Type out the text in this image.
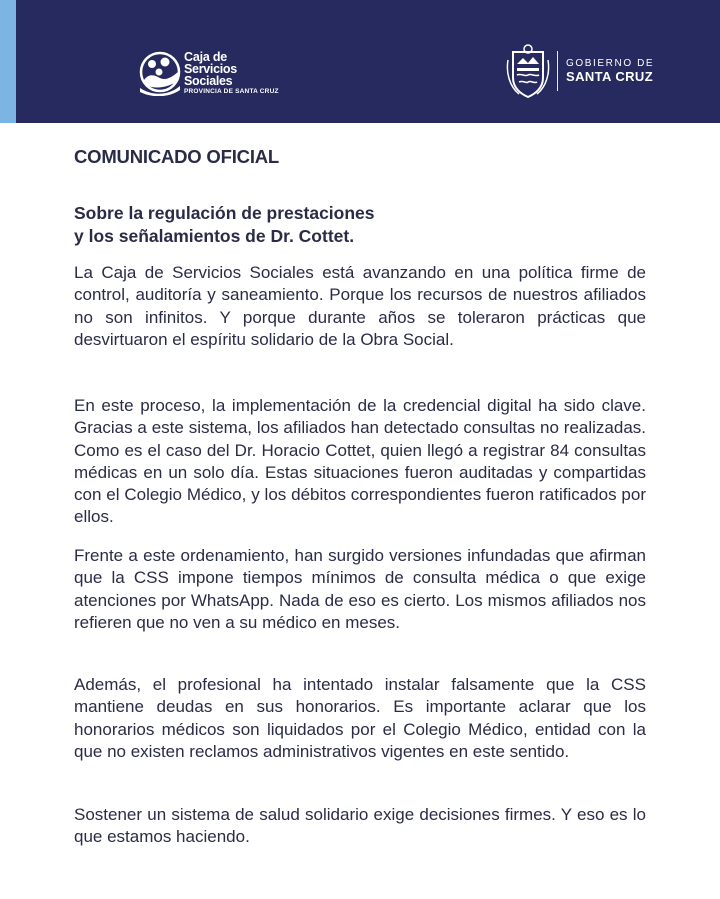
Caja de
Servicios Sociales
PROVINCIA DE SANTA CRUZ
GOBIERNO DE
SANTA CRUZ
COMUNICADO OFICIAL
Sobre la regulación de prestaciones
y los señalamientos de Dr. Cottet.

La Caja de Servicios Sociales está avanzando en una política firme de control, auditoría y saneamiento. Porque los recursos de nuestros afiliados no son infinitos. Y porque durante años se toleraron prácticas que desvirtuaron el espíritu solidario de la Obra Social.

En este proceso, la implementación de la credencial digital ha sido clave. Gracias a este sistema, los afiliados han detectado consultas no realizadas. Como es el caso del Dr. Horacio Cottet, quien llegó a registrar 84 consultas médicas en un solo día. Estas situaciones fueron auditadas y compartidas con el Colegio Médico, y los débitos correspondientes fueron ratificados por ellos.

Frente a este ordenamiento, han surgido versiones infundadas que afirman que la CSS impone tiempos mínimos de consulta médica o que exige atenciones por WhatsApp. Nada de eso es cierto. Los mismos afiliados nos refieren que no ven a su médico en meses.

Además, el profesional ha intentado instalar falsamente que la CSS mantiene deudas en sus honorarios. Es importante aclarar que los honorarios médicos son liquidados por el Colegio Médico, entidad con la que no existen reclamos administrativos vigentes en este sentido.

Sostener un sistema de salud solidario exige decisiones firmes. Y eso es lo que estamos haciendo.
